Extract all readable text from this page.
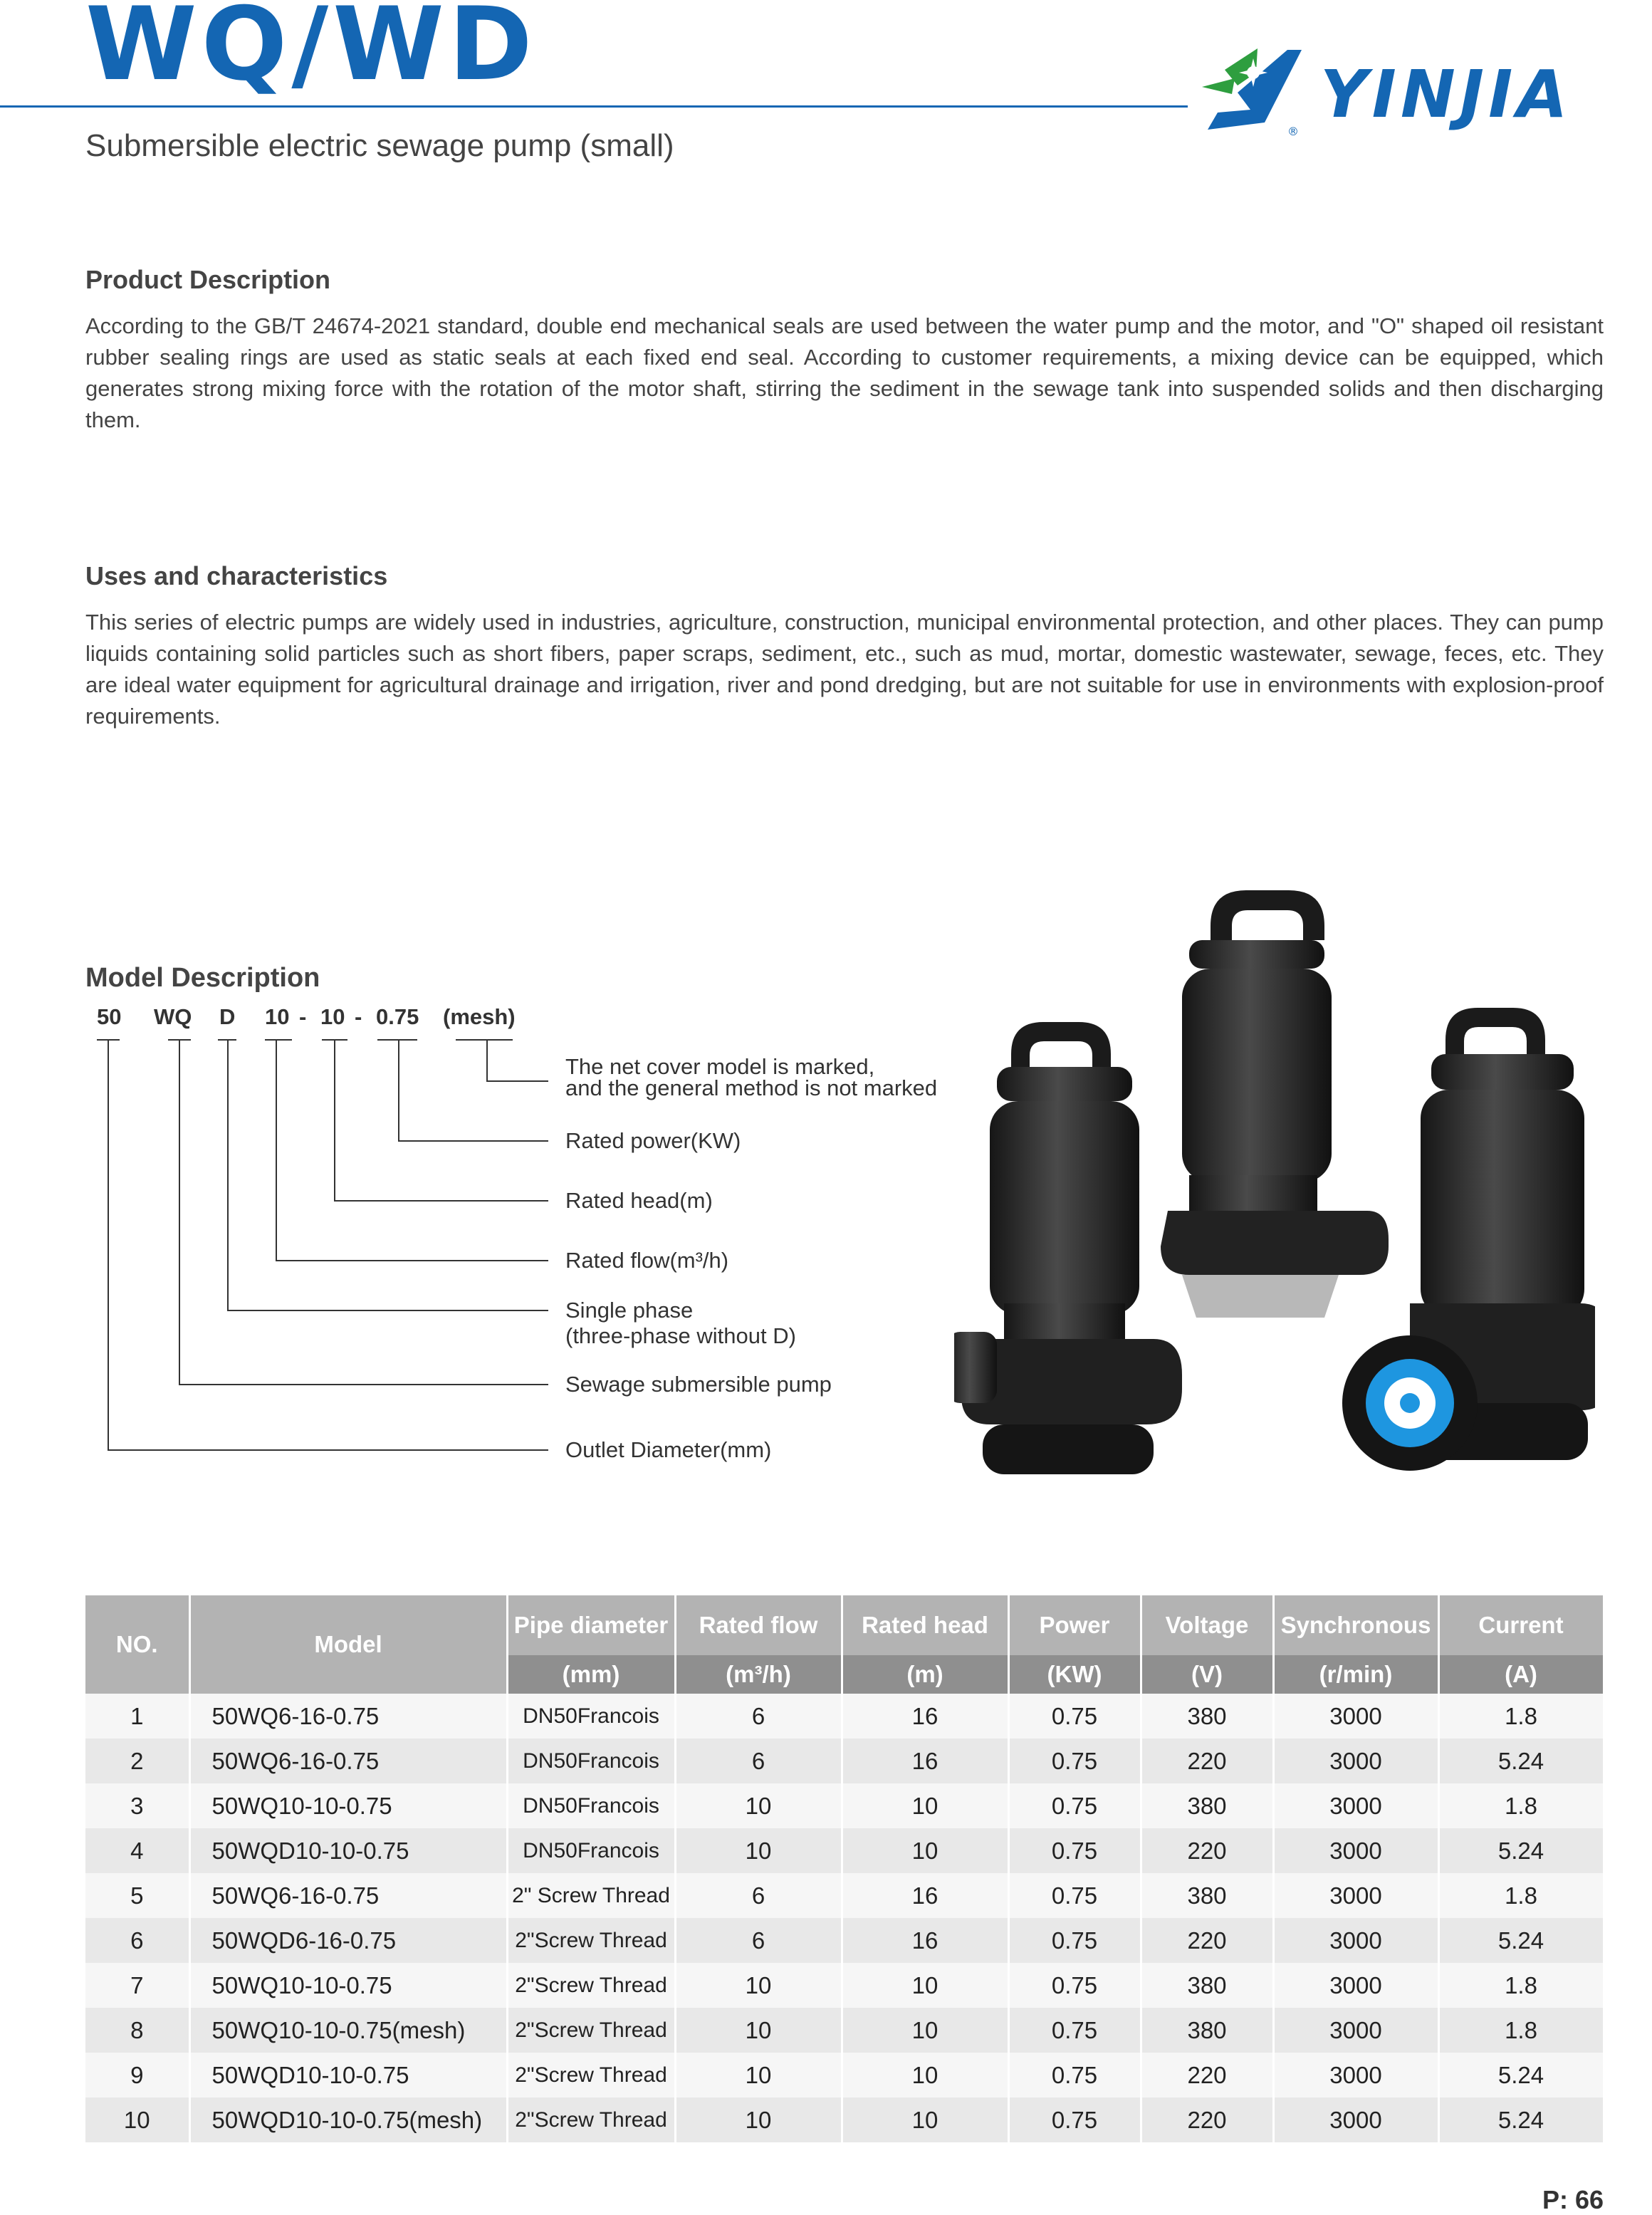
WQ/WD
Submersible electric sewage pump (small)	® YINJIA
Product Description
According to the GB/T 24674-2021 standard, double end mechanical seals are used between the water pump and the motor, and "O" shaped oil resistant rubber sealing rings are used as static seals at each fixed end seal. According to customer requirements, a mixing device can be equipped, which generates strong mixing force with the rotation of the motor shaft, stirring the sediment in the sewage tank into suspended solids and then discharging them.
Uses and characteristics
This series of electric pumps are widely used in industries, agriculture, construction, municipal environmental protection, and other places. They can pump liquids containing solid particles such as short fibers, paper scraps, sediment, etc., such as mud, mortar, domestic wastewater, sewage, feces, etc. They are ideal water equipment for agricultural drainage and irrigation, river and pond dredging, but are not suitable for use in environments with explosion-proof requirements.
Model Description
50 WQ D 10 - 10 - 0.75 (mesh)
The net cover model is marked,
and the general method is not marked
Rated power(KW)
Rated head(m)
Rated flow(m³/h)
Single phase
(three-phase without D)
Sewage submersible pump
Outlet Diameter(mm)
NO.	Model	Pipe diameter	Rated flow	Rated head	Power	Voltage	Synchronous	Current
		(mm)	(m³/h)	(m)	(KW)	(V)	(r/min)	(A)
1	50WQ6-16-0.75	DN50Francois	6	16	0.75	380	3000	1.8
2	50WQ6-16-0.75	DN50Francois	6	16	0.75	220	3000	5.24
3	50WQ10-10-0.75	DN50Francois	10	10	0.75	380	3000	1.8
4	50WQD10-10-0.75	DN50Francois	10	10	0.75	220	3000	5.24
5	50WQ6-16-0.75	2" Screw Thread	6	16	0.75	380	3000	1.8
6	50WQD6-16-0.75	2"Screw Thread	6	16	0.75	220	3000	5.24
7	50WQ10-10-0.75	2"Screw Thread	10	10	0.75	380	3000	1.8
8	50WQ10-10-0.75(mesh)	2"Screw Thread	10	10	0.75	380	3000	1.8
9	50WQD10-10-0.75	2"Screw Thread	10	10	0.75	220	3000	5.24
10	50WQD10-10-0.75(mesh)	2"Screw Thread	10	10	0.75	220	3000	5.24
P: 66
